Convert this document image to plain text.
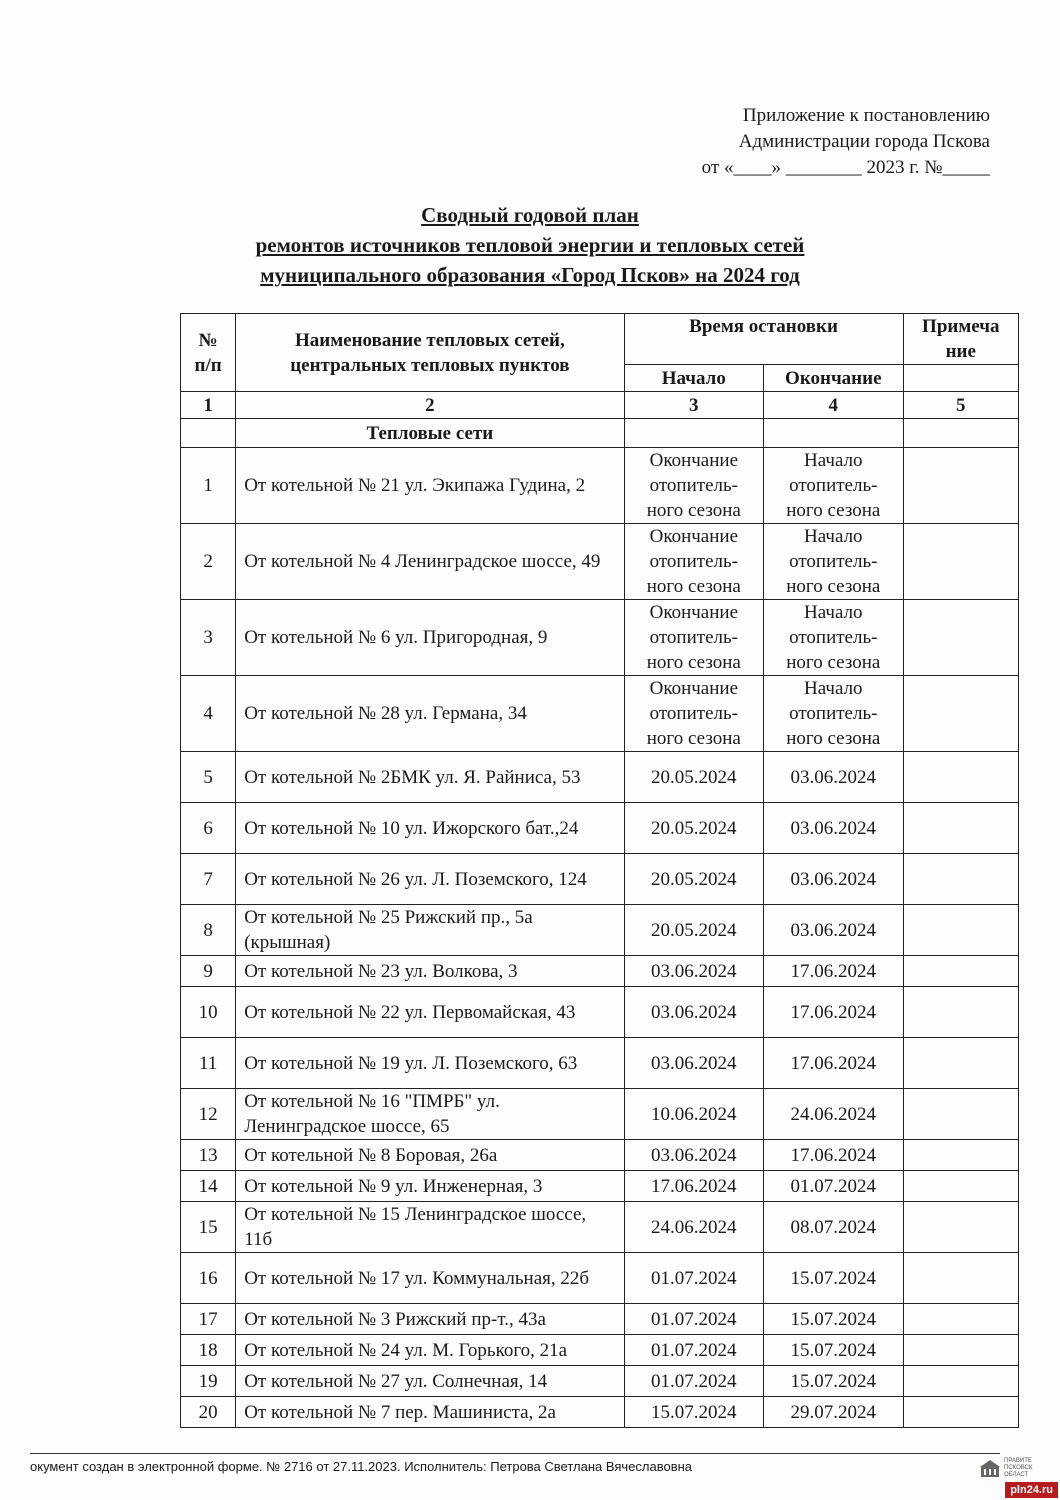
Приложение к постановлению
Администрации города Пскова
от «____» ________ 2023 г. №_____
Сводный годовой план
ремонтов источников тепловой энергии и тепловых сетей
муниципального образования «Город Псков» на 2024 год
№ п/п	Наименование тепловых сетей, центральных тепловых пунктов	Время остановки		Примеча ние
		Начало	Окончание	
1	2	3	4	5
	Тепловые сети			
1	От котельной № 21 ул. Экипажа Гудина, 2	Окончание отопитель-ного сезона	Начало отопитель-ного сезона	
2	От котельной № 4 Ленинградское шоссе, 49	Окончание отопитель-ного сезона	Начало отопитель-ного сезона	
3	От котельной № 6 ул. Пригородная, 9	Окончание отопитель-ного сезона	Начало отопитель-ного сезона	
4	От котельной № 28 ул. Германа, 34	Окончание отопитель-ного сезона	Начало отопитель-ного сезона	
5	От котельной № 2БМК ул. Я. Райниса, 53	20.05.2024	03.06.2024	
6	От котельной № 10 ул. Ижорского бат.,24	20.05.2024	03.06.2024	
7	От котельной № 26 ул. Л. Поземского, 124	20.05.2024	03.06.2024	
8	От котельной № 25 Рижский пр., 5а (крышная)	20.05.2024	03.06.2024	
9	От котельной № 23 ул. Волкова, 3	03.06.2024	17.06.2024	
10	От котельной № 22 ул. Первомайская, 43	03.06.2024	17.06.2024	
11	От котельной № 19 ул. Л. Поземского, 63	03.06.2024	17.06.2024	
12	От котельной № 16 "ПМРБ" ул. Ленинградское шоссе, 65	10.06.2024	24.06.2024	
13	От котельной № 8 Боровая, 26а	03.06.2024	17.06.2024	
14	От котельной № 9 ул. Инженерная, 3	17.06.2024	01.07.2024	
15	От котельной № 15 Ленинградское шоссе, 11б	24.06.2024	08.07.2024	
16	От котельной № 17 ул. Коммунальная, 22б	01.07.2024	15.07.2024	
17	От котельной № 3 Рижский пр-т., 43а	01.07.2024	15.07.2024	
18	От котельной № 24 ул. М. Горького, 21а	01.07.2024	15.07.2024	
19	От котельной № 27 ул. Солнечная, 14	01.07.2024	15.07.2024	
20	От котельной № 7 пер. Машиниста, 2а	15.07.2024	29.07.2024	
окумент создан в электронной форме. № 2716 от 27.11.2023. Исполнитель: Петрова Светлана Вячеславовна	ПРАВИТЕ ПСКОВСК ОБЛАСТ
pln24.ru
